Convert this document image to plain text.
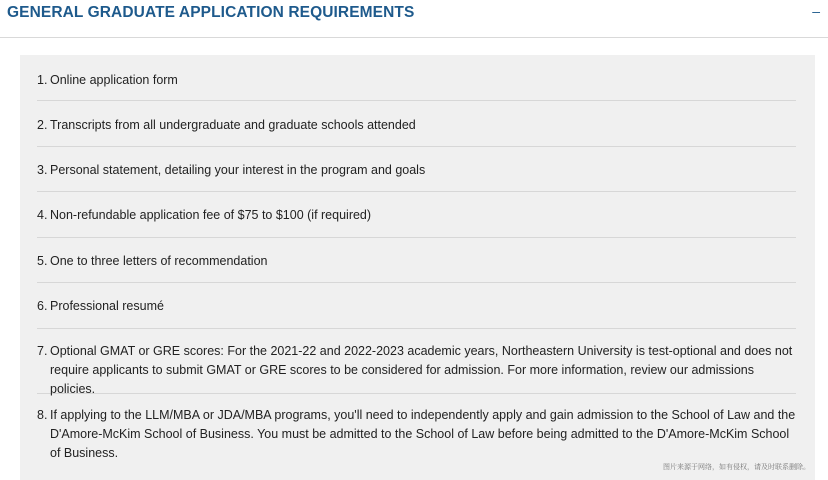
GENERAL GRADUATE APPLICATION REQUIREMENTS	–
1. Online application form
2. Transcripts from all undergraduate and graduate schools attended
3. Personal statement, detailing your interest in the program and goals
4. Non-refundable application fee of $75 to $100 (if required)
5. One to three letters of recommendation
6. Professional resumé
7. Optional GMAT or GRE scores: For the 2021-22 and 2022-2023 academic years, Northeastern University is test-optional and does not require applicants to submit GMAT or GRE scores to be considered for admission. For more information, review our admissions policies.
8. If applying to the LLM/MBA or JDA/MBA programs, you'll need to independently apply and gain admission to the School of Law and the D'Amore-McKim School of Business. You must be admitted to the School of Law before being admitted to the D'Amore-McKim School of Business.
图片来源于网络，如有侵权，请及时联系删除。
